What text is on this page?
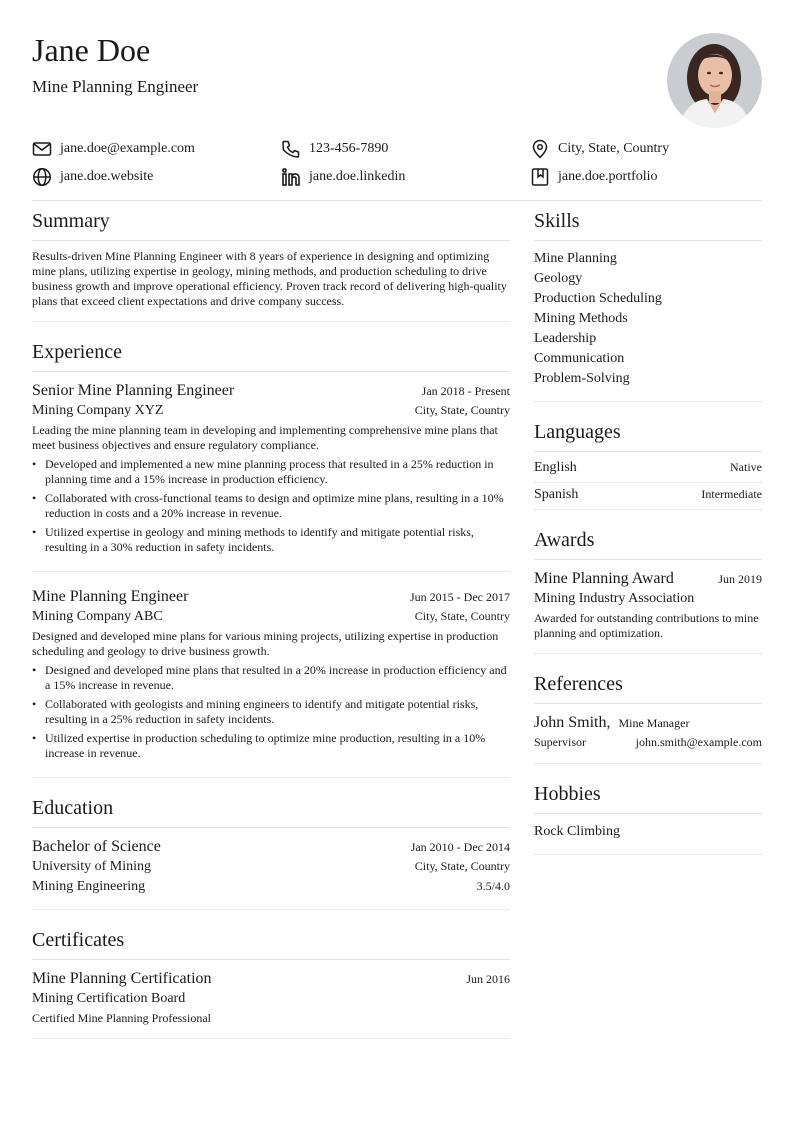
Jane Doe
Mine Planning Engineer
jane.doe@example.com	123-456-7890	City, State, Country
jane.doe.website	jane.doe.linkedin	jane.doe.portfolio
Summary

Results-driven Mine Planning Engineer with 8 years of experience in designing and optimizing mine plans, utilizing expertise in geology, mining methods, and production scheduling to drive business growth and improve operational efficiency. Proven track record of delivering high-quality plans that exceed client expectations and drive company success.

Experience
Senior Mine Planning Engineer	Jan 2018 - Present
Mining Company XYZ	City, State, Country

Leading the mine planning team in developing and implementing comprehensive mine plans that meet business objectives and ensure regulatory compliance.

• Developed and implemented a new mine planning process that resulted in a 25% reduction in planning time and a 15% increase in production efficiency.
• Collaborated with cross-functional teams to design and optimize mine plans, resulting in a 10% reduction in costs and a 20% increase in revenue.
• Utilized expertise in geology and mining methods to identify and mitigate potential risks, resulting in a 30% reduction in safety incidents.
Mine Planning Engineer	Jun 2015 - Dec 2017
Mining Company ABC	City, State, Country

Designed and developed mine plans for various mining projects, utilizing expertise in production scheduling and geology to drive business growth.

• Designed and developed mine plans that resulted in a 20% increase in production efficiency and a 15% increase in revenue.
• Collaborated with geologists and mining engineers to identify and mitigate potential risks, resulting in a 25% reduction in safety incidents.
• Utilized expertise in production scheduling to optimize mine production, resulting in a 10% increase in revenue.
Education
Bachelor of Science	Jan 2010 - Dec 2014
University of Mining	City, State, Country
Mining Engineering	3.5/4.0
Certificates
Mine Planning Certification	Jun 2016
Mining Certification Board

Certified Mine Planning Professional

Skills
Mine Planning
Geology
Production Scheduling
Mining Methods
Leadership
Communication
Problem-Solving
Languages
English	Native
Spanish	Intermediate
Awards
Mine Planning Award	Jun 2019
Mining Industry Association

Awarded for outstanding contributions to mine planning and optimization.

References
John Smith, Mine Manager
Supervisor	john.smith@example.com
Hobbies
Rock Climbing
